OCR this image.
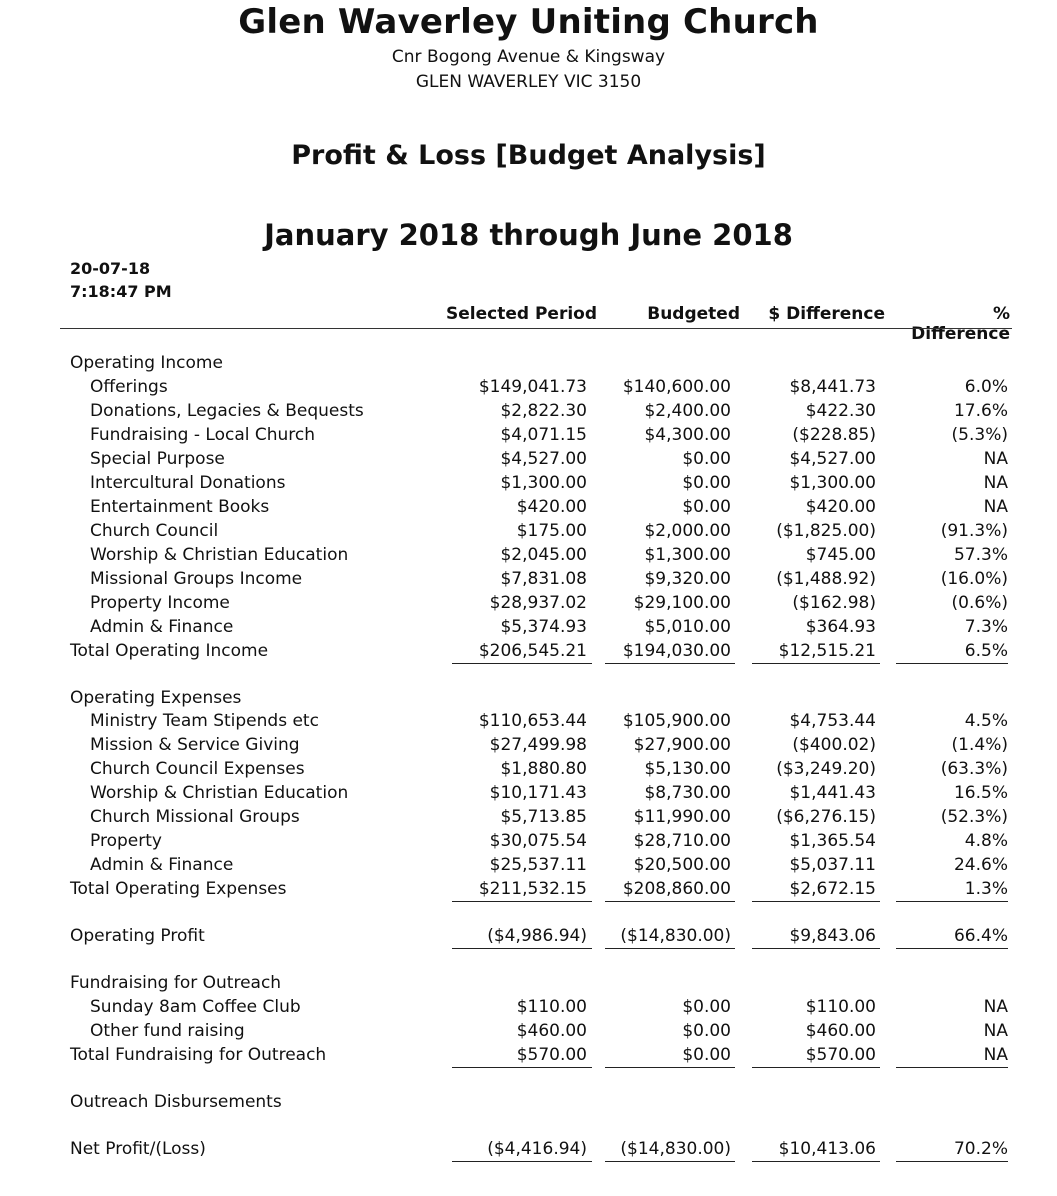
Glen Waverley Uniting Church
Cnr Bogong Avenue & Kingsway
GLEN WAVERLEY VIC 3150
Profit & Loss [Budget Analysis]
January 2018 through June 2018
20-07-18
7:18:47 PM
Selected Period	Budgeted	$ Difference	% Difference
Operating Income
Offerings	$149,041.73	$140,600.00	$8,441.73	6.0%
Donations, Legacies & Bequests	$2,822.30	$2,400.00	$422.30	17.6%
Fundraising - Local Church	$4,071.15	$4,300.00	($228.85)	(5.3%)
Special Purpose	$4,527.00	$0.00	$4,527.00	NA
Intercultural Donations	$1,300.00	$0.00	$1,300.00	NA
Entertainment Books	$420.00	$0.00	$420.00	NA
Church Council	$175.00	$2,000.00	($1,825.00)	(91.3%)
Worship & Christian Education	$2,045.00	$1,300.00	$745.00	57.3%
Missional Groups Income	$7,831.08	$9,320.00	($1,488.92)	(16.0%)
Property Income	$28,937.02	$29,100.00	($162.98)	(0.6%)
Admin & Finance	$5,374.93	$5,010.00	$364.93	7.3%
Total Operating Income	$206,545.21	$194,030.00	$12,515.21	6.5%
Operating Expenses
Ministry Team Stipends etc	$110,653.44	$105,900.00	$4,753.44	4.5%
Mission & Service Giving	$27,499.98	$27,900.00	($400.02)	(1.4%)
Church Council Expenses	$1,880.80	$5,130.00	($3,249.20)	(63.3%)
Worship & Christian Education	$10,171.43	$8,730.00	$1,441.43	16.5%
Church Missional Groups	$5,713.85	$11,990.00	($6,276.15)	(52.3%)
Property	$30,075.54	$28,710.00	$1,365.54	4.8%
Admin & Finance	$25,537.11	$20,500.00	$5,037.11	24.6%
Total Operating Expenses	$211,532.15	$208,860.00	$2,672.15	1.3%
Operating Profit	($4,986.94)	($14,830.00)	$9,843.06	66.4%
Fundraising for Outreach
Sunday 8am Coffee Club	$110.00	$0.00	$110.00	NA
Other fund raising	$460.00	$0.00	$460.00	NA
Total Fundraising for Outreach	$570.00	$0.00	$570.00	NA
Outreach Disbursements
Net Profit/(Loss)	($4,416.94)	($14,830.00)	$10,413.06	70.2%
